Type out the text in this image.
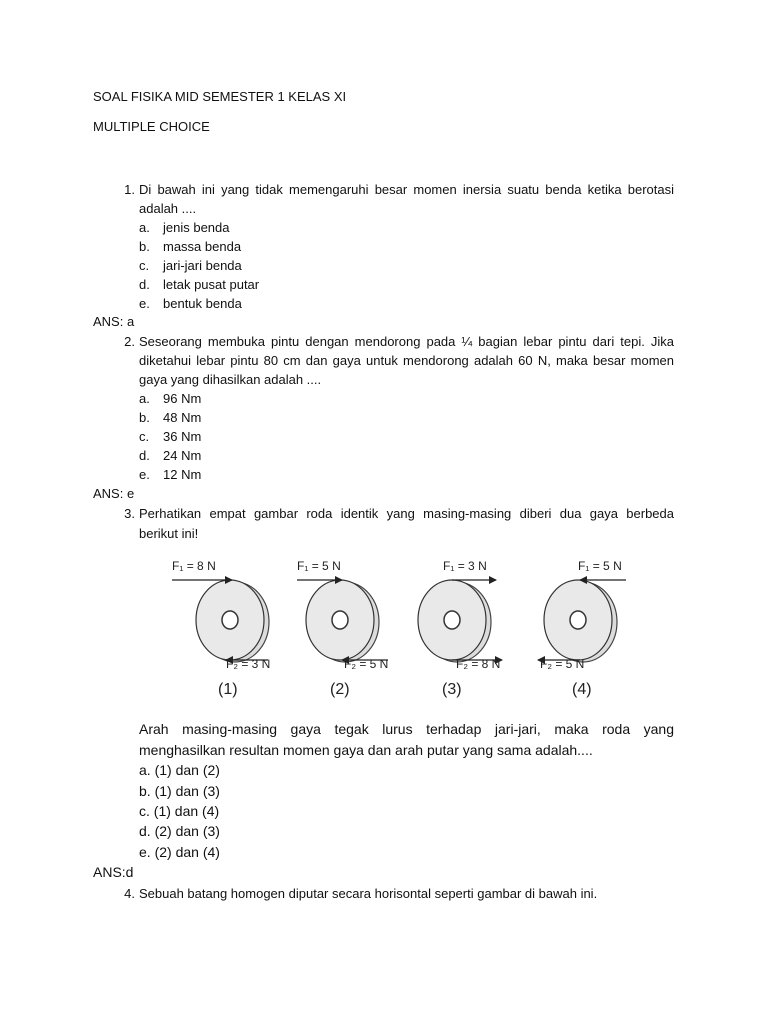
SOAL FISIKA MID SEMESTER 1 KELAS XI
MULTIPLE CHOICE
1. Di bawah ini yang tidak memengaruhi besar momen inersia suatu benda ketika berotasi
adalah ....
a. jenis benda
b. massa benda
c. jari-jari benda
d. letak pusat putar
e. bentuk benda
ANS: a
2. Seseorang membuka pintu dengan mendorong pada ¼ bagian lebar pintu dari tepi. Jika
diketahui lebar pintu 80 cm dan gaya untuk mendorong adalah 60 N, maka besar momen
gaya yang dihasilkan adalah ....
a. 96 Nm
b. 48 Nm
c. 36 Nm
d. 24 Nm
e. 12 Nm
ANS: e
3. Perhatikan empat gambar roda identik yang masing-masing diberi dua gaya berbeda
berikut ini!
F₁ = 8 N
F₂ = 3 N
(1)
F₁ = 5 N
F₂ = 5 N
(2)
F₁ = 3 N
F₂ = 8 N
(3)
F₁ = 5 N
F₂ = 5 N
(4)
Arah masing-masing gaya tegak lurus terhadap jari-jari, maka roda yang
menghasilkan resultan momen gaya dan arah putar yang sama adalah....
a. (1) dan (2)
b. (1) dan (3)
c. (1) dan (4)
d. (2) dan (3)
e. (2) dan (4)
ANS:d
4. Sebuah batang homogen diputar secara horisontal seperti gambar di bawah ini.
